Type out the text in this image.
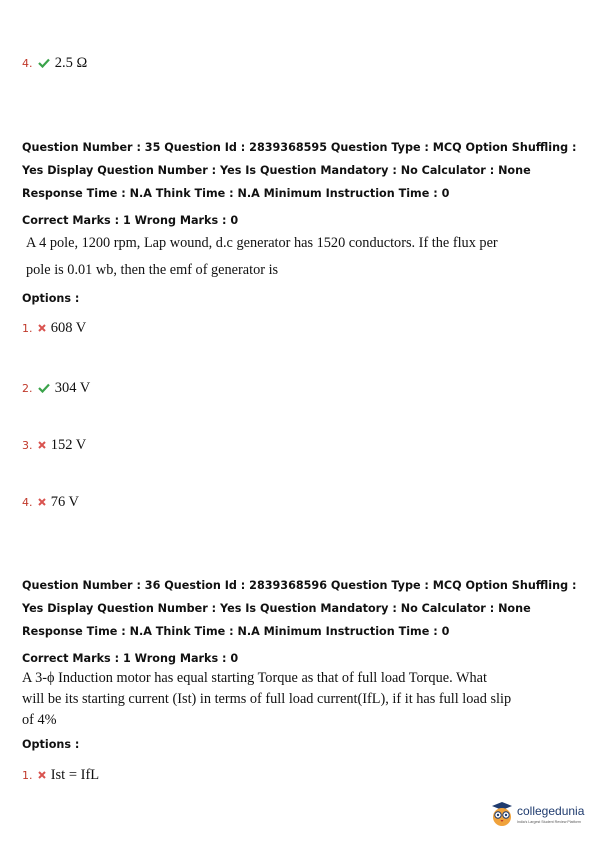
4. 2.5 Ω
Question Number : 35 Question Id : 2839368595 Question Type : MCQ Option Shuffling : Yes Display Question Number : Yes Is Question Mandatory : No Calculator : None Response Time : N.A Think Time : N.A Minimum Instruction Time : 0
Correct Marks : 1 Wrong Marks : 0
A 4 pole, 1200 rpm, Lap wound, d.c generator has 1520 conductors. If the flux per
pole is 0.01 wb, then the emf of generator is
Options :
1. 608 V
2. 304 V
3. 152 V
4. 76 V
Question Number : 36 Question Id : 2839368596 Question Type : MCQ Option Shuffling : Yes Display Question Number : Yes Is Question Mandatory : No Calculator : None Response Time : N.A Think Time : N.A Minimum Instruction Time : 0
Correct Marks : 1 Wrong Marks : 0
A 3-ϕ Induction motor has equal starting Torque as that of full load Torque. What
will be its starting current (Ist) in terms of full load current(IfL), if it has full load slip
of 4%
Options :
1. Ist = IfL
collegedunia
India's Largest Student Review Platform
